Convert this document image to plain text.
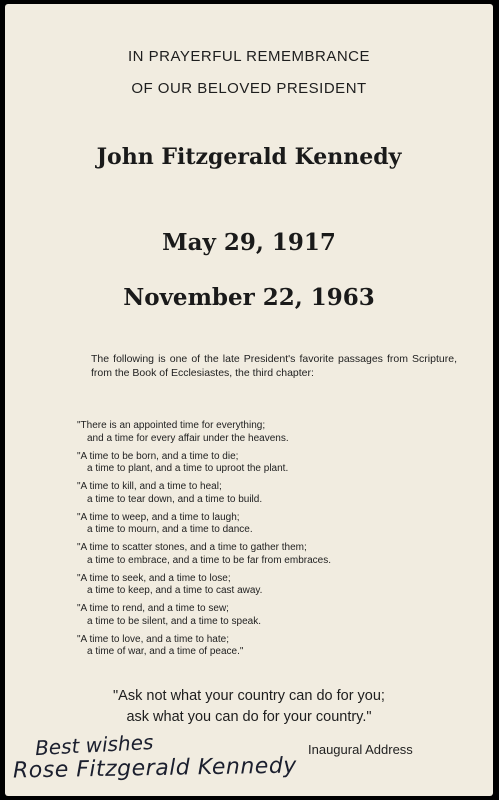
IN PRAYERFUL REMEMBRANCE
OF OUR BELOVED PRESIDENT
John Fitzgerald Kennedy
May 29, 1917
November 22, 1963
The following is one of the late President's favorite passages from Scripture, from the Book of Ecclesiastes, the third chapter:
"There is an appointed time for everything;
and a time for every affair under the heavens.
"A time to be born, and a time to die;
a time to plant, and a time to uproot the plant.
"A time to kill, and a time to heal;
a time to tear down, and a time to build.
"A time to weep, and a time to laugh;
a time to mourn, and a time to dance.
"A time to scatter stones, and a time to gather them;
a time to embrace, and a time to be far from embraces.
"A time to seek, and a time to lose;
a time to keep, and a time to cast away.
"A time to rend, and a time to sew;
a time to be silent, and a time to speak.
"A time to love, and a time to hate;
a time of war, and a time of peace."
"Ask not what your country can do for you;
ask what you can do for your country."
Inaugural Address
Best wishes
Rose Fitzgerald Kennedy
